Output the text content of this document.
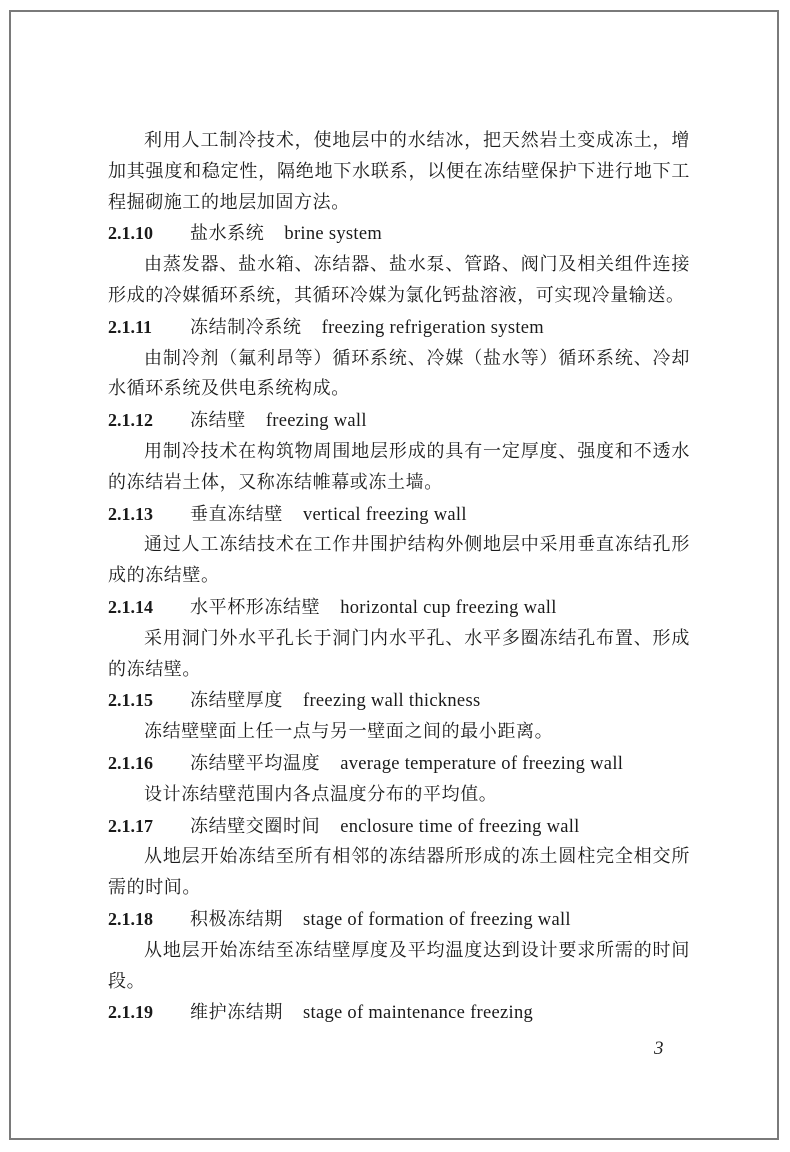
利用人工制冷技术，使地层中的水结冰，把天然岩土变成冻土，增加其强度和稳定性，隔绝地下水联系，以便在冻结壁保护下进行地下工程掘砌施工的地层加固方法。

2.1.10 盐水系统 brine system

由蒸发器、盐水箱、冻结器、盐水泵、管路、阀门及相关组件连接形成的冷媒循环系统，其循环冷媒为氯化钙盐溶液，可实现冷量输送。

2.1.11 冻结制冷系统 freezing refrigeration system

由制冷剂（氟利昂等）循环系统、冷媒（盐水等）循环系统、冷却水循环系统及供电系统构成。

2.1.12 冻结壁 freezing wall

用制冷技术在构筑物周围地层形成的具有一定厚度、强度和不透水的冻结岩土体，又称冻结帷幕或冻土墙。

2.1.13 垂直冻结壁 vertical freezing wall

通过人工冻结技术在工作井围护结构外侧地层中采用垂直冻结孔形成的冻结壁。

2.1.14 水平杯形冻结壁 horizontal cup freezing wall

采用洞门外水平孔长于洞门内水平孔、水平多圈冻结孔布置、形成的冻结壁。

2.1.15 冻结壁厚度 freezing wall thickness

冻结壁壁面上任一点与另一壁面之间的最小距离。

2.1.16 冻结壁平均温度 average temperature of freezing wall

设计冻结壁范围内各点温度分布的平均值。

2.1.17 冻结壁交圈时间 enclosure time of freezing wall

从地层开始冻结至所有相邻的冻结器所形成的冻土圆柱完全相交所需的时间。

2.1.18 积极冻结期 stage of formation of freezing wall

从地层开始冻结至冻结壁厚度及平均温度达到设计要求所需的时间段。

2.1.19 维护冻结期 stage of maintenance freezing

3
